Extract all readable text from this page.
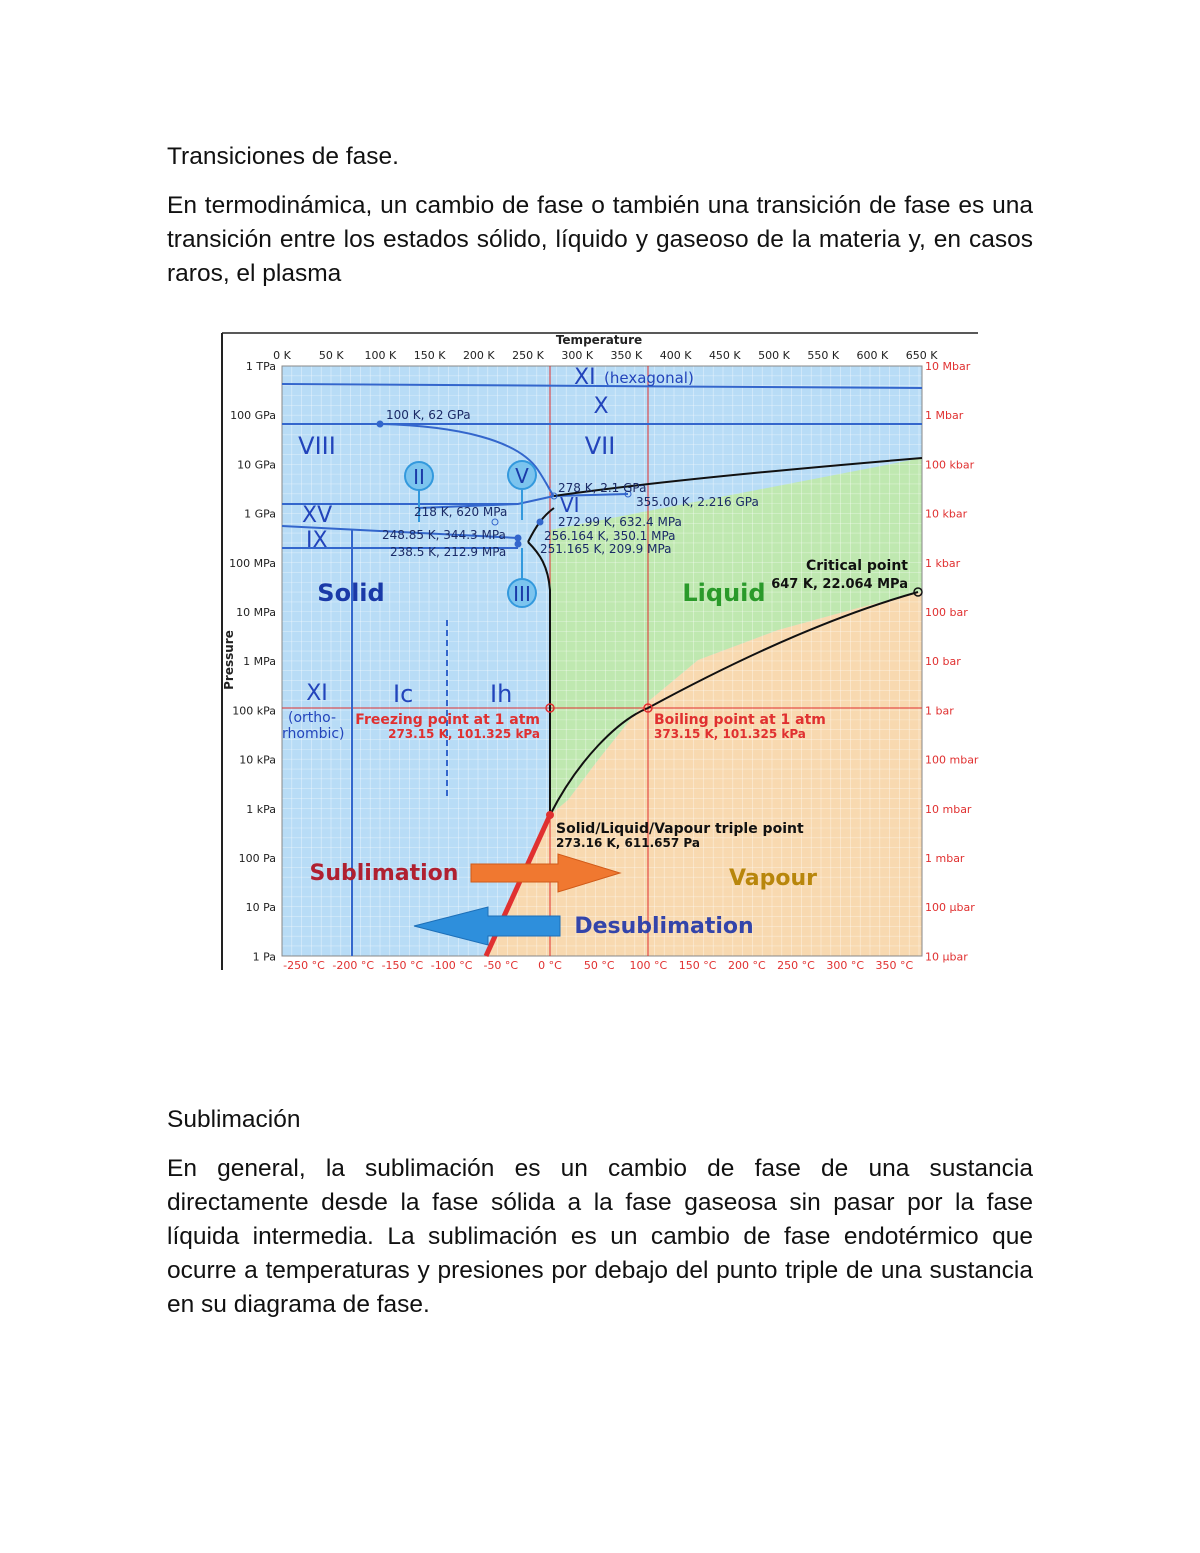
Transiciones de fase.
En termodinámica, un cambio de fase o también una transición de fase es una transición entre los estados sólido, líquido y gaseoso de la materia y, en casos raros, el plasma
II	V
III
Temperature
Pressure
0 K	50 K 100 K 150 K 200 K 250 K 300 K 350 K 400 K 450 K 500 K 550 K 600 K 650 K
-250 °C -200 °C -150 °C -100 °C -50 °C 0 °C 50 °C 100 °C 150 °C 200 °C 250 °C 300 °C 350 °C
1 TPa
100 GPa
10 GPa
1 GPa
100 MPa
10 MPa
1 MPa
100 kPa
10 kPa
1 kPa
100 Pa
10 Pa
1 Pa
10 Mbar
1 Mbar
100 kbar
10 kbar
1 kbar
100 bar
10 bar
1 bar
100 mbar
10 mbar
1 mbar
100 µbar
10 µbar
XI (hexagonal)
X
VII
VIII
XV
IX
VI
Solid	Liquid
Vapour
XI
(ortho-
rhombic)
Ic	Ih
100 K, 62 GPa
278 K, 2.1 GPa
355.00 K, 2.216 GPa
218 K, 620 MPa
272.99 K, 632.4 MPa
248.85 K, 344.3 MPa	256.164 K, 350.1 MPa
238.5 K, 212.9 MPa	251.165 K, 209.9 MPa
Critical point
647 K, 22.064 MPa
Freezing point at 1 atm
273.15 K, 101.325 kPa
Boiling point at 1 atm
373.15 K, 101.325 kPa
Solid/Liquid/Vapour triple point
273.16 K, 611.657 Pa
Sublimation
Desublimation
Sublimación
En general, la sublimación es un cambio de fase de una sustancia directamente desde la fase sólida a la fase gaseosa sin pasar por la fase líquida intermedia. La sublimación es un cambio de fase endotérmico que ocurre a temperaturas y presiones por debajo del punto triple de una sustancia en su diagrama de fase.
